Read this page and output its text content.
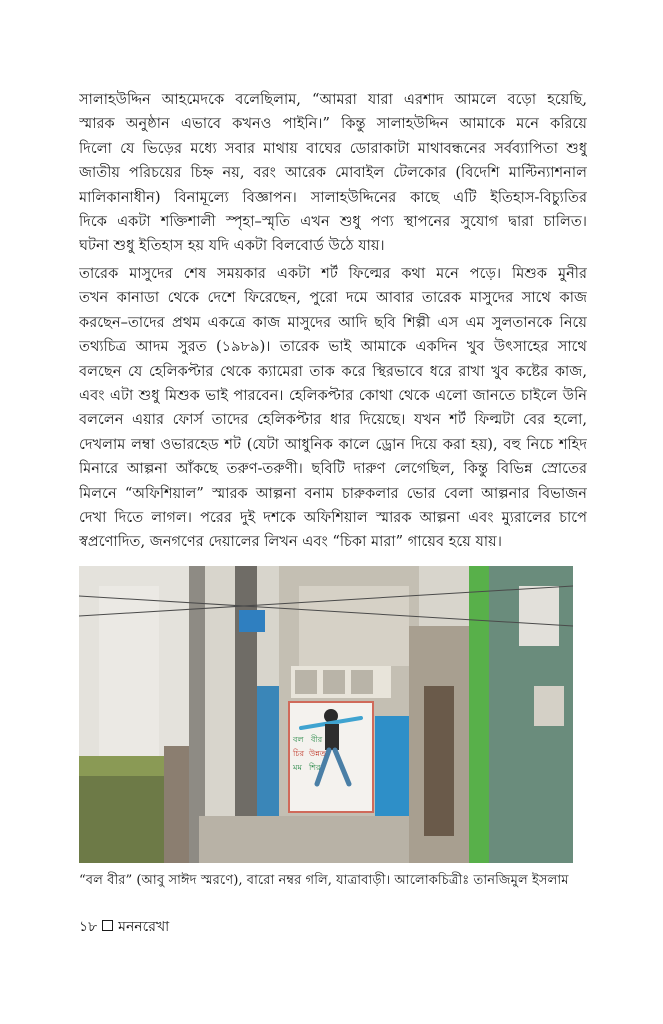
সালাহউদ্দিন আহমেদকে বলেছিলাম, “আমরা যারা এরশাদ আমলে বড়ো হয়েছি,
স্মারক অনুষ্ঠান এভাবে কখনও পাইনি।” কিন্তু সালাহউদ্দিন আমাকে মনে করিয়ে
দিলো যে ভিড়ের মধ্যে সবার মাথায় বাঘের ডোরাকাটা মাথাবন্ধনের সর্বব্যাপিতা শুধু
জাতীয় পরিচয়ের চিহ্ন নয়, বরং আরেক মোবাইল টেলকোর (বিদেশি মাল্টিন্যাশনাল
মালিকানাধীন) বিনামূল্যে বিজ্ঞাপন। সালাহউদ্দিনের কাছে এটি ইতিহাস-বিচ্যুতির
দিকে একটা শক্তিশালী স্পৃহা–স্মৃতি এখন শুধু পণ্য স্থাপনের সুযোগ দ্বারা চালিত।
ঘটনা শুধু ইতিহাস হয় যদি একটা বিলবোর্ড উঠে যায়।
তারেক মাসুদের শেষ সময়কার একটা শর্ট ফিল্মের কথা মনে পড়ে। মিশুক মুনীর
তখন কানাডা থেকে দেশে ফিরেছেন, পুরো দমে আবার তারেক মাসুদের সাথে কাজ
করছেন–তাদের প্রথম একত্রে কাজ মাসুদের আদি ছবি শিল্পী এস এম সুলতানকে নিয়ে
তথ্যচিত্র আদম সুরত (১৯৮৯)। তারেক ভাই আমাকে একদিন খুব উৎসাহের সাথে
বলছেন যে হেলিকপ্টার থেকে ক্যামেরা তাক করে স্থিরভাবে ধরে রাখা খুব কষ্টের কাজ,
এবং এটা শুধু মিশুক ভাই পারবেন। হেলিকপ্টার কোথা থেকে এলো জানতে চাইলে উনি
বললেন এয়ার ফোর্স তাদের হেলিকপ্টার ধার দিয়েছে। যখন শর্ট ফিল্মটা বের হলো,
দেখলাম লম্বা ওভারহেড শট (যেটা আধুনিক কালে ড্রোন দিয়ে করা হয়), বহু নিচে শহিদ
মিনারে আল্পনা আঁকছে তরুণ-তরুণী। ছবিটি দারুণ লেগেছিল, কিন্তু বিভিন্ন স্রোতের
মিলনে “অফিশিয়াল” স্মারক আল্পনা বনাম চারুকলার ভোর বেলা আল্পনার বিভাজন
দেখা দিতে লাগল। পরের দুই দশকে অফিশিয়াল স্মারক আল্পনা এবং ম্যুরালের চাপে
স্বপ্রণোদিত, জনগণের দেয়ালের লিখন এবং “চিকা মারা” গায়েব হয়ে যায়।
বল বীর
চির উন্নত
মম শির
“বল বীর” (আবু সাঈদ স্মরণে), বারো নম্বর গলি, যাত্রাবাড়ী। আলোকচিত্রীঃ তানজিমুল ইসলাম
১৮ মননরেখা
